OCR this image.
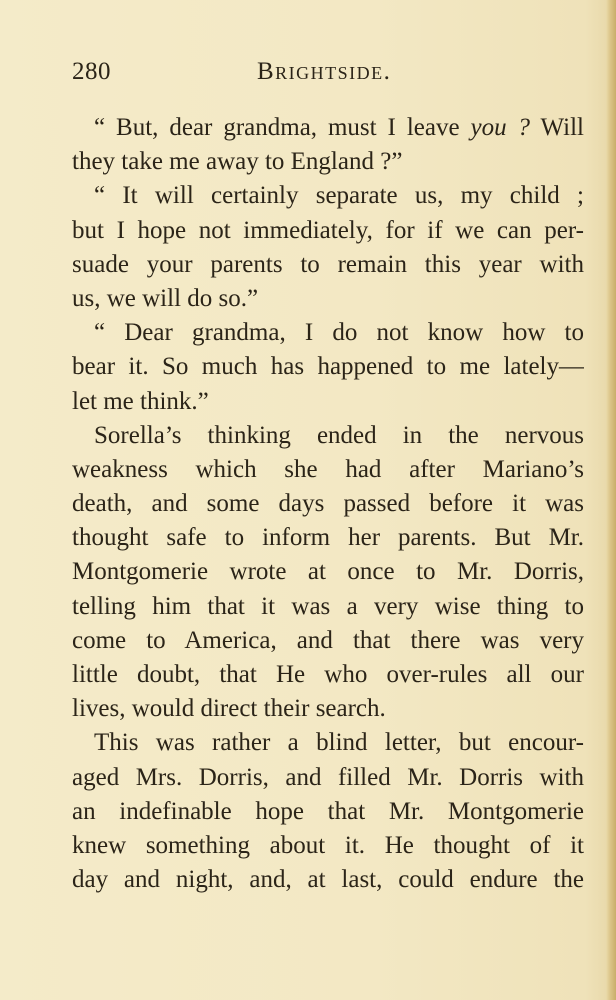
280	Brightside.
“ But, dear grandma, must I leave you ? Will
they take me away to England ?”
“ It will certainly separate us, my child ;
but I hope not immediately, for if we can per-
suade your parents to remain this year with
us, we will do so.”
“ Dear grandma, I do not know how to
bear it. So much has happened to me lately—
let me think.”
Sorella’s thinking ended in the nervous
weakness which she had after Mariano’s
death, and some days passed before it was
thought safe to inform her parents. But Mr.
Montgomerie wrote at once to Mr. Dorris,
telling him that it was a very wise thing to
come to America, and that there was very
little doubt, that He who over-rules all our
lives, would direct their search.
This was rather a blind letter, but encour-
aged Mrs. Dorris, and filled Mr. Dorris with
an indefinable hope that Mr. Montgomerie
knew something about it. He thought of it
day and night, and, at last, could endure the
